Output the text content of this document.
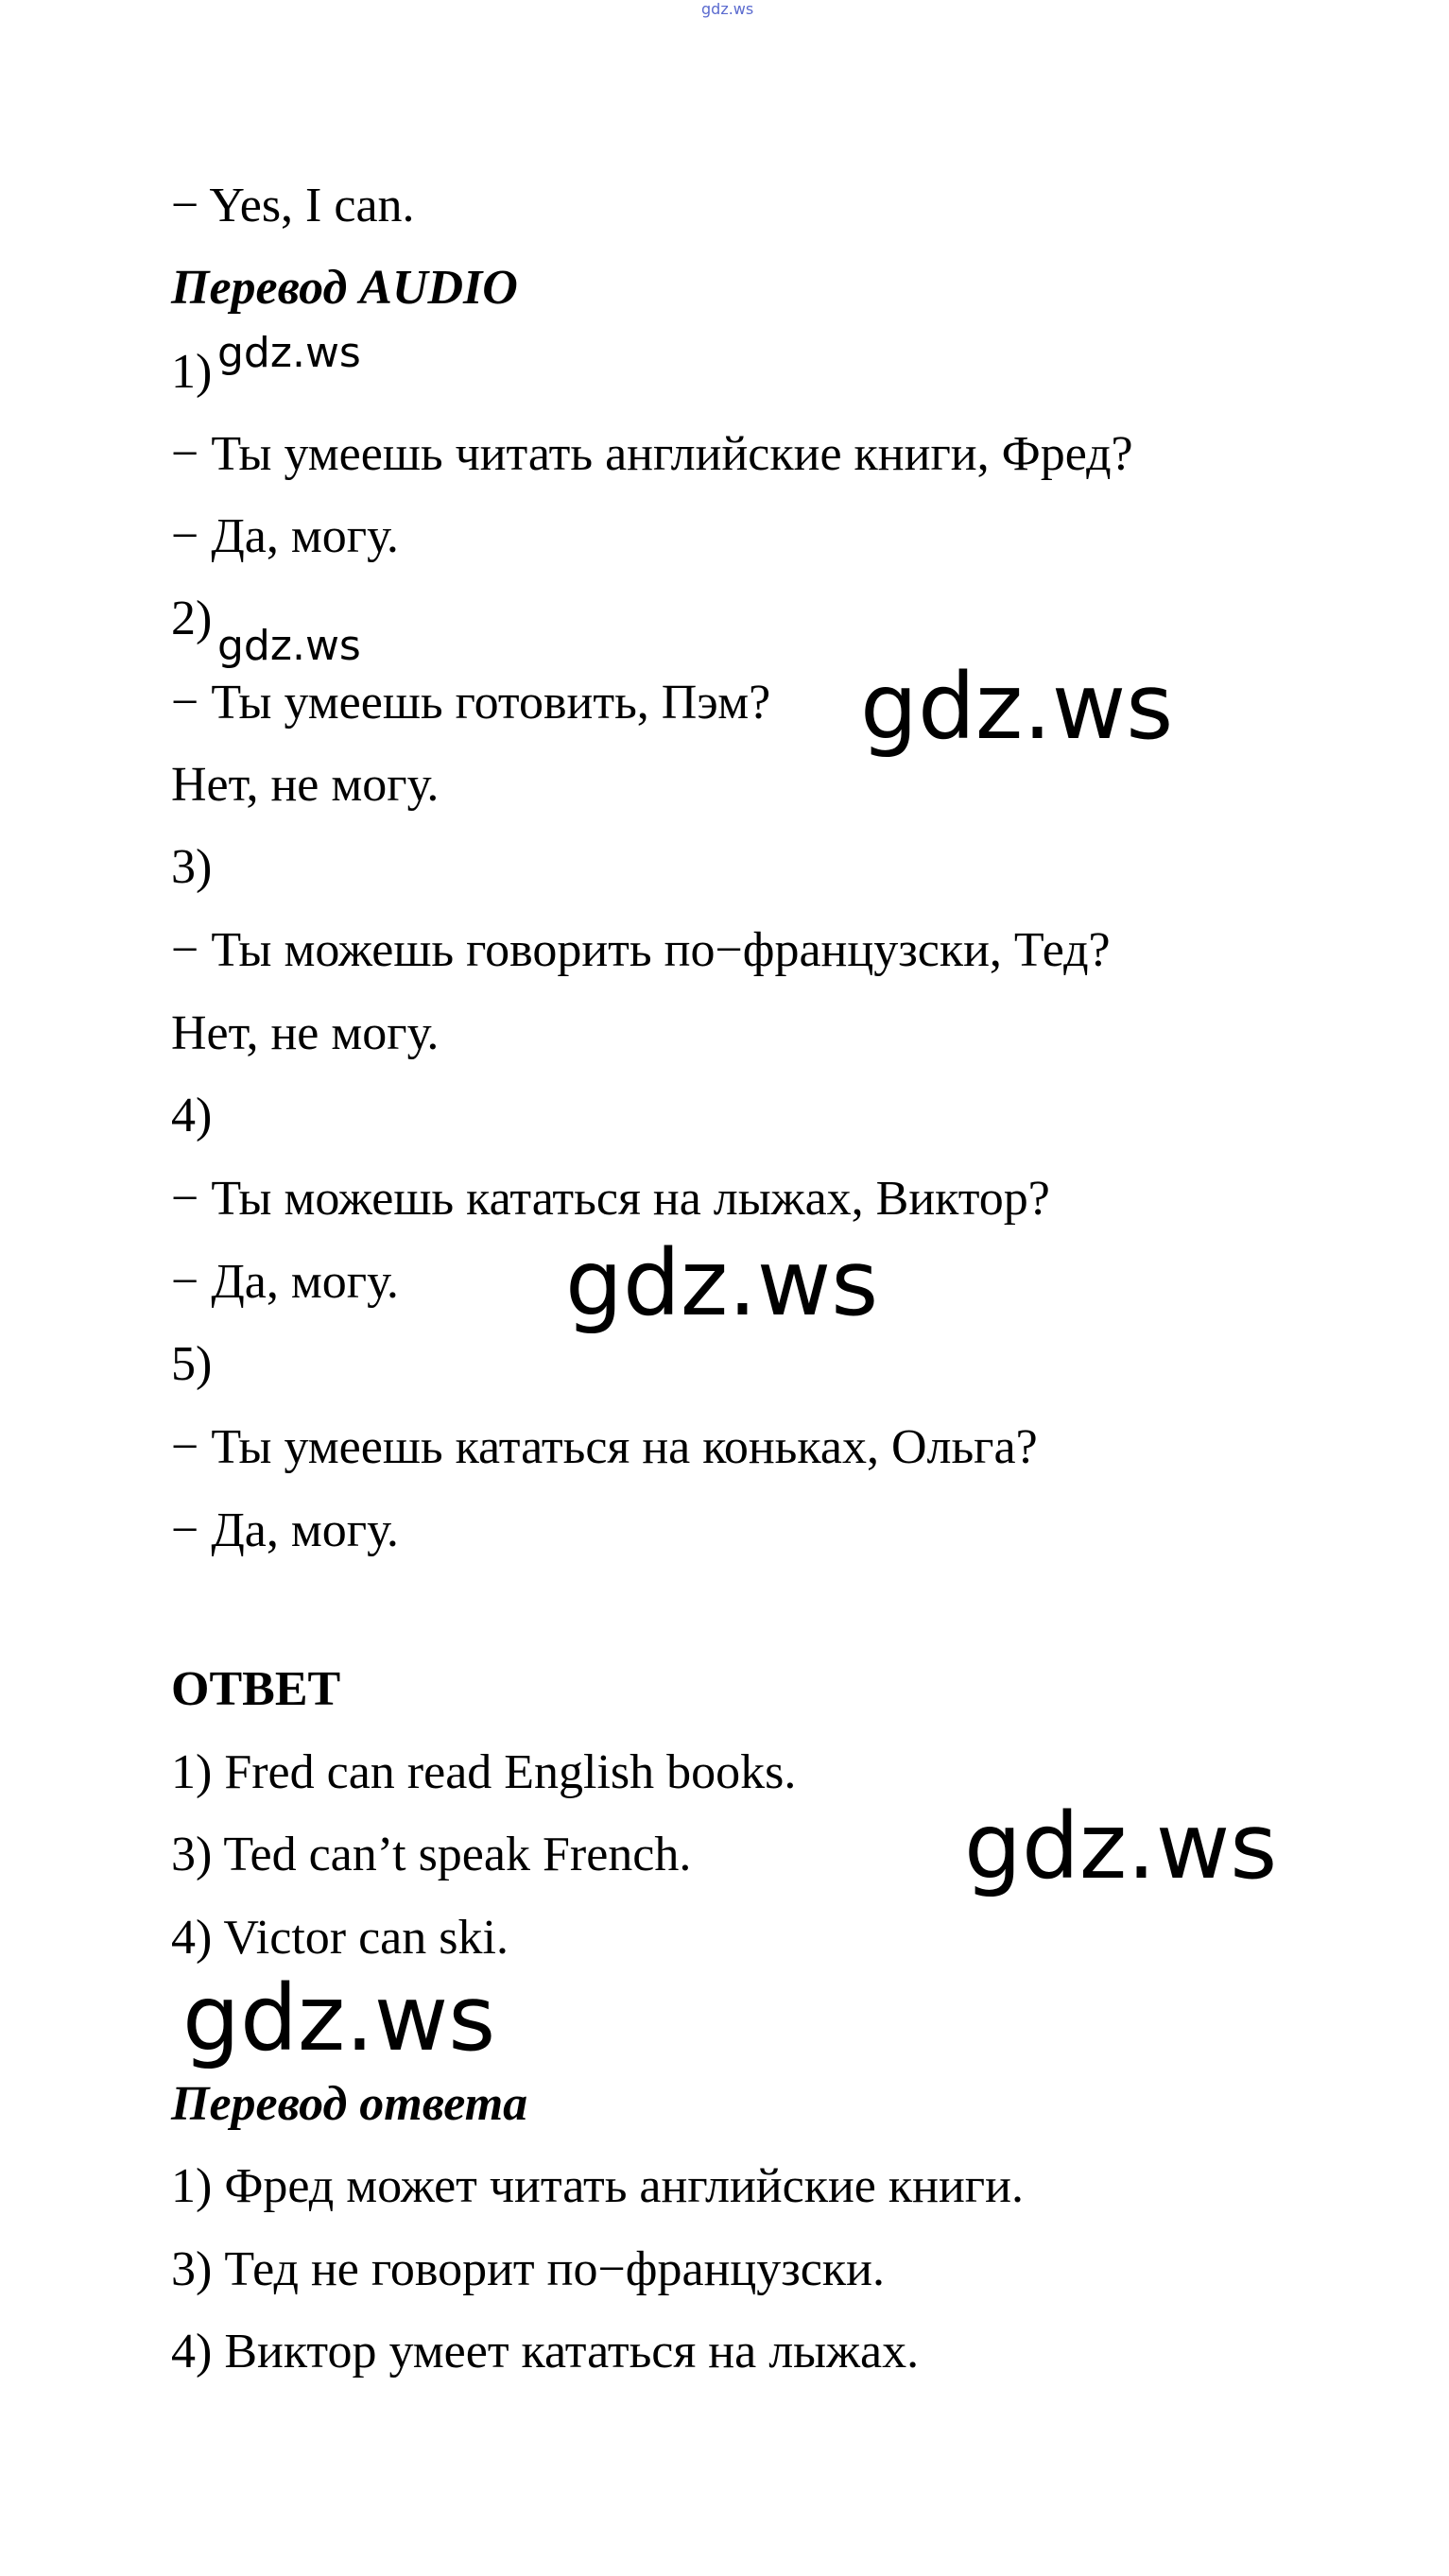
gdz.ws

− Yes, I can.

Перевод AUDIO

1)

− Ты умеешь читать английские книги, Фред?

− Да, могу.

2)

− Ты умеешь готовить, Пэм?

Нет, не могу.

3)

− Ты можешь говорить по−французски, Тед?

Нет, не могу.

4)

− Ты можешь кататься на лыжах, Виктор?

− Да, могу.

5)

− Ты умеешь кататься на коньках, Ольга?

− Да, могу.

ОТВЕТ

1) Fred can read English books.

3) Ted can’t speak French.

4) Victor can ski.

Перевод ответа

1) Фред может читать английские книги.

3) Тед не говорит по−французски.

4) Виктор умеет кататься на лыжах.

gdz.ws
gdz.ws
gdz.ws
gdz.ws
gdz.ws
gdz.ws
